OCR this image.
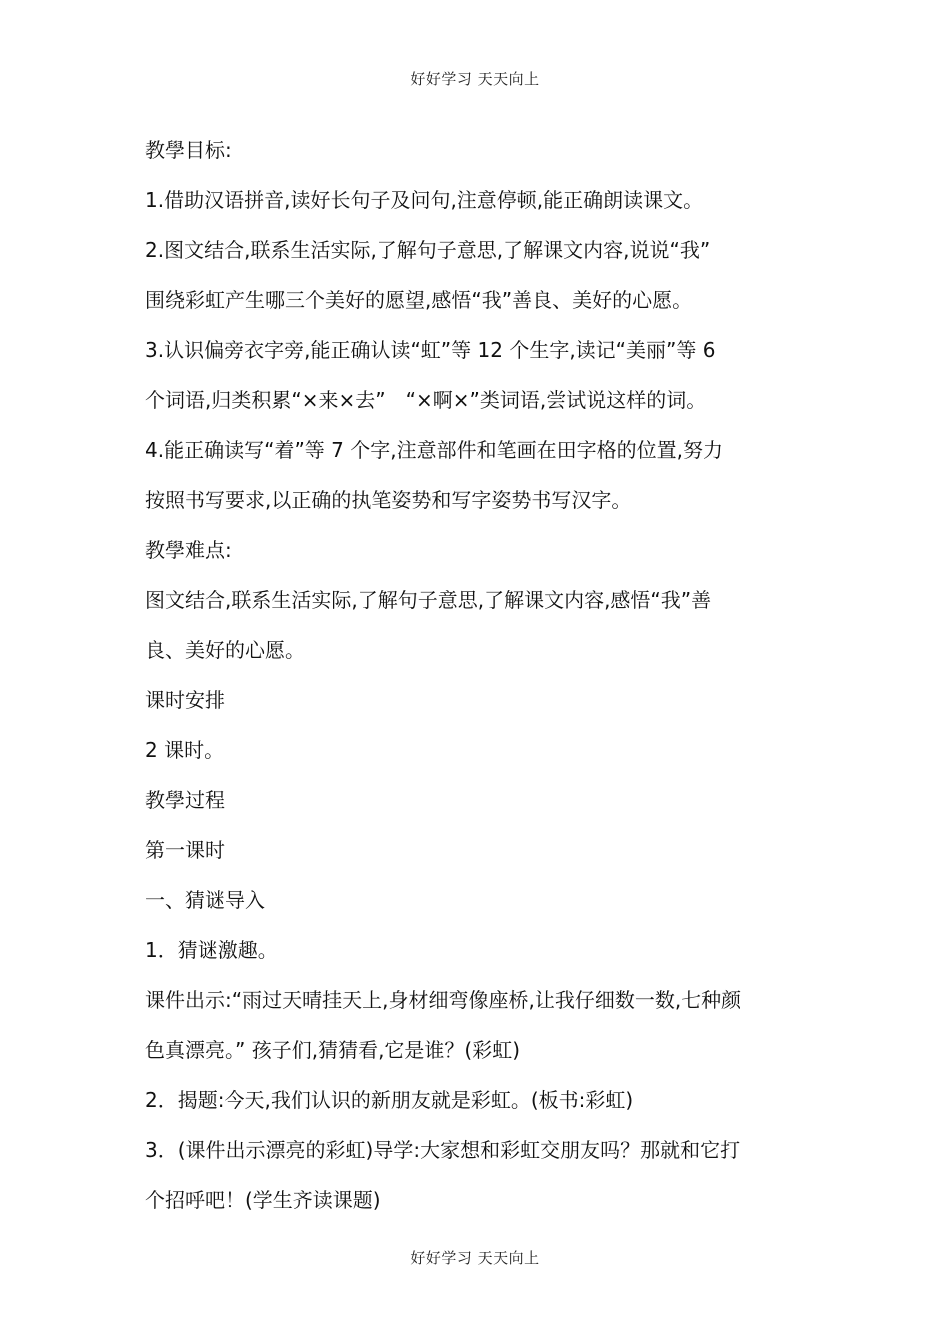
好好学习 天天向上
教學目标:
1.借助汉语拼音,读好长句子及问句,注意停顿,能正确朗读课文。
2.图文结合,联系生活实际,了解句子意思,了解课文内容,说说“我”
围绕彩虹产生哪三个美好的愿望,感悟“我”善良、美好的心愿。
3.认识偏旁衣字旁,能正确认读“虹”等 12 个生字,读记“美丽”等 6
个词语,归类积累“×来×去”　“×啊×”类词语,尝试说这样的词。
4.能正确读写“着”等 7 个字,注意部件和笔画在田字格的位置,努力
按照书写要求,以正确的执笔姿势和写字姿势书写汉字。
教學难点:
图文结合,联系生活实际,了解句子意思,了解课文内容,感悟“我”善
良、美好的心愿。
课时安排
2 课时。
教學过程
第一课时
一、猜谜导入
1．猜谜激趣。
课件出示:“雨过天晴挂天上,身材细弯像座桥,让我仔细数一数,七种颜
色真漂亮。” 孩子们,猜猜看,它是谁？(彩虹)
2．揭题:今天,我们认识的新朋友就是彩虹。(板书:彩虹)
3．(课件出示漂亮的彩虹)导学:大家想和彩虹交朋友吗？那就和它打
个招呼吧！(学生齐读课题)
好好学习 天天向上
